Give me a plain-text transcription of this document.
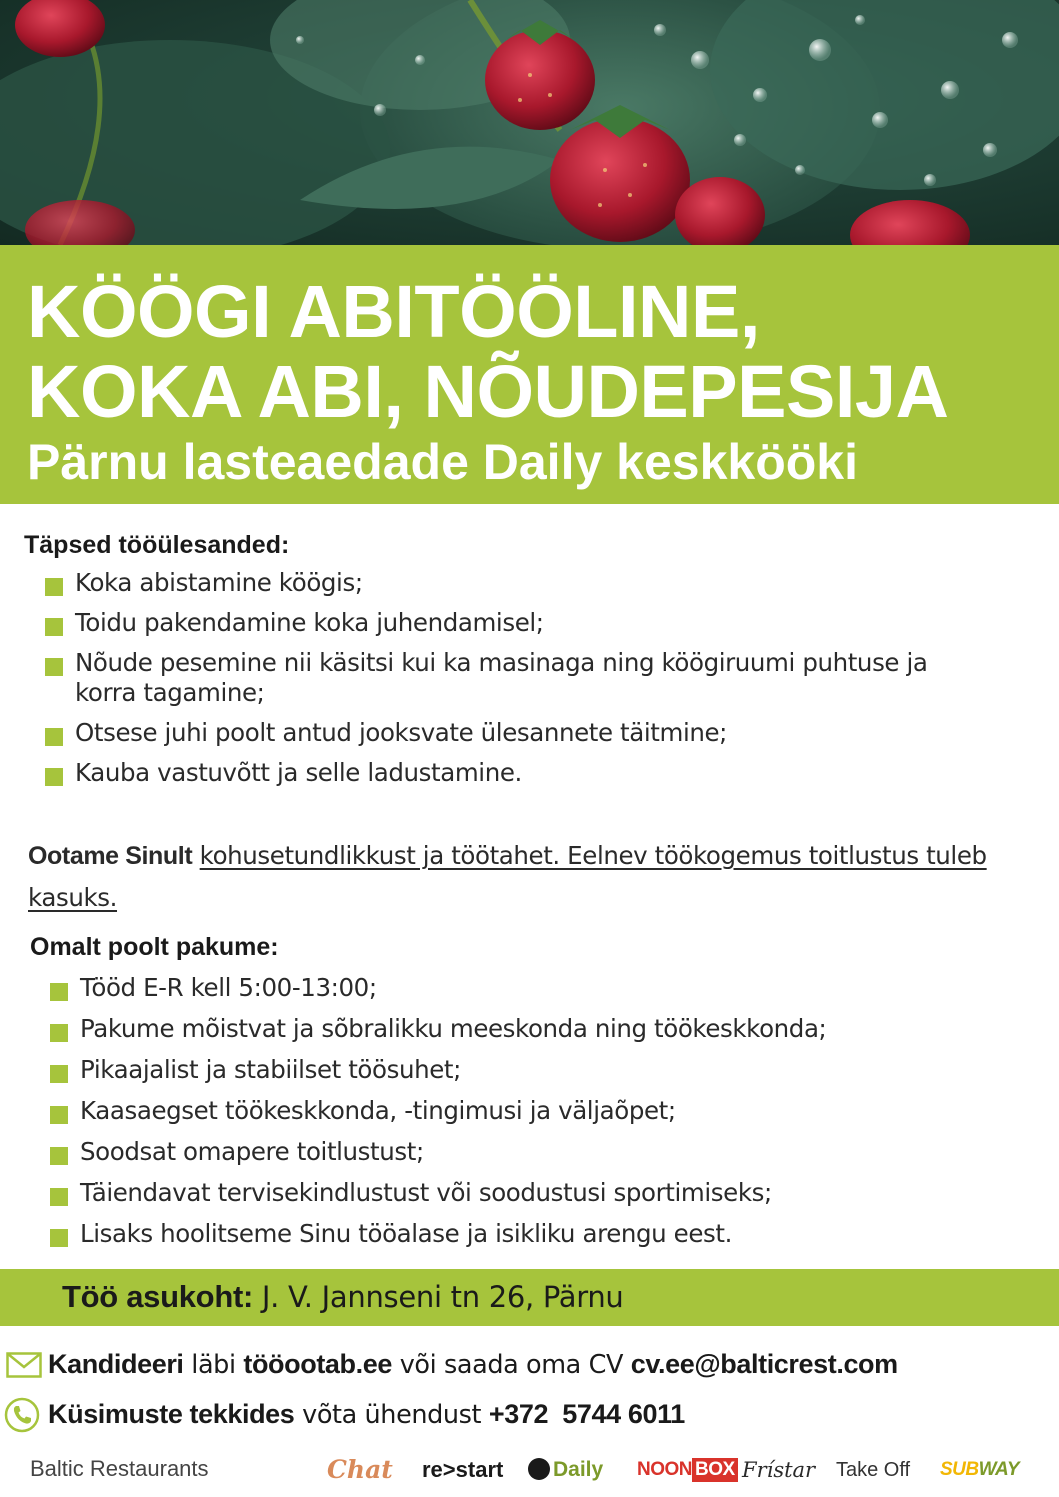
KÖÖGI ABITÖÖLINE,
KOKA ABI, NÕUDEPESIJA
Pärnu lasteaedade Daily keskkööki
Täpsed tööülesanded:
Koka abistamine köögis;
Toidu pakendamine koka juhendamisel;
Nõude pesemine nii käsitsi kui ka masinaga ning köögiruumi puhtuse ja korra tagamine;
Otsese juhi poolt antud jooksvate ülesannete täitmine;
Kauba vastuvõtt ja selle ladustamine.

Ootame Sinult kohusetundlikkust ja töötahet. Eelnev töökogemus toitlustus tuleb kasuks.

Omalt poolt pakume:
Tööd E-R kell 5:00-13:00;
Pakume mõistvat ja sõbralikku meeskonda ning töökeskkonda;
Pikaajalist ja stabiilset töösuhet;
Kaasaegset töökeskkonda, -tingimusi ja väljaõpet;
Soodsat omapere toitlustust;
Täiendavat tervisekindlustust või soodustusi sportimiseks;
Lisaks hoolitseme Sinu tööalase ja isikliku arengu eest.

Töö asukoht: J. V. Jannseni tn 26, Pärnu

Kandideeri läbi tööootab.ee või saada oma CV cv.ee@balticrest.com

Küsimuste tekkides võta ühendust +372  5744 6011

Baltic Restaurants	Chat re>start	Daily NOON BOX Frístar Take Off SUBWAY
